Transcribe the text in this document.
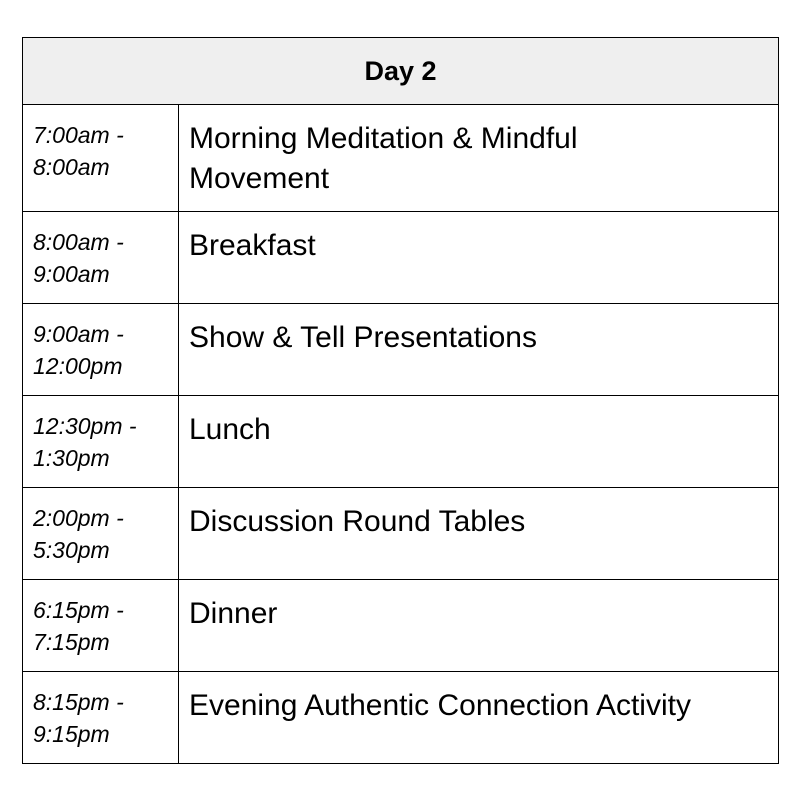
Day 2	

7:00am -
8:00am	Morning Meditation & Mindful
Movement

8:00am -
9:00am	Breakfast

9:00am -
12:00pm	Show & Tell Presentations

12:30pm -
1:30pm	Lunch

2:00pm -
5:30pm	Discussion Round Tables

6:15pm -
7:15pm	Dinner

8:15pm -
9:15pm	Evening Authentic Connection Activity
